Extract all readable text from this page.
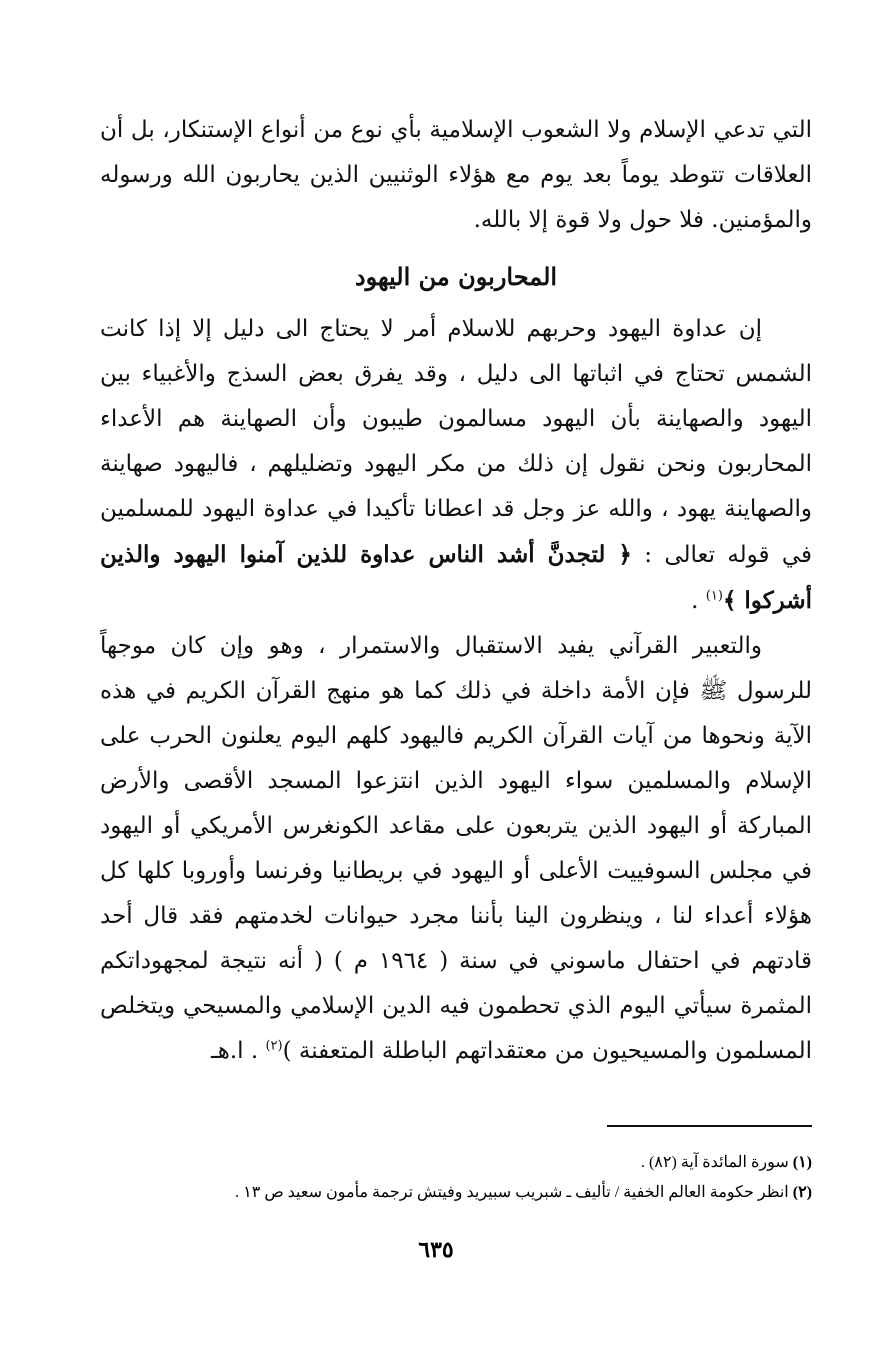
التي تدعي الإسلام ولا الشعوب الإسلامية بأي نوع من أنواع الإستنكار، بل أن العلاقات تتوطد يوماً بعد يوم مع هؤلاء الوثنيين الذين يحاربون الله ورسوله والمؤمنين. فلا حول ولا قوة إلا بالله.

المحاربون من اليهود

إن عداوة اليهود وحربهم للاسلام أمر لا يحتاج الى دليل إلا إذا كانت الشمس تحتاج في اثباتها الى دليل ، وقد يفرق بعض السذج والأغبياء بين اليهود والصهاينة بأن اليهود مسالمون طيبون وأن الصهاينة هم الأعداء المحاربون ونحن نقول إن ذلك من مكر اليهود وتضليلهم ، فاليهود صهاينة والصهاينة يهود ، والله عز وجل قد اعطانا تأكيدا في عداوة اليهود للمسلمين في قوله تعالى : ﴿ لتجدنَّ أشد الناس عداوة للذين آمنوا اليهود والذين أشركوا ﴾$^{(١)}$ .

والتعبير القرآني يفيد الاستقبال والاستمرار ، وهو وإن كان موجهاً للرسول ﷺ فإن الأمة داخلة في ذلك كما هو منهج القرآن الكريم في هذه الآية ونحوها من آيات القرآن الكريم فاليهود كلهم اليوم يعلنون الحرب على الإسلام والمسلمين سواء اليهود الذين انتزعوا المسجد الأقصى والأرض المباركة أو اليهود الذين يتربعون على مقاعد الكونغرس الأمريكي أو اليهود في مجلس السوفييت الأعلى أو اليهود في بريطانيا وفرنسا وأوروبا كلها كل هؤلاء أعداء لنا ، وينظرون الينا بأننا مجرد حيوانات لخدمتهم فقد قال أحد قادتهم في احتفال ماسوني في سنة ( ١٩٦٤ م ) ( أنه نتيجة لمجهوداتكم المثمرة سيأتي اليوم الذي تحطمون فيه الدين الإسلامي والمسيحي ويتخلص المسلمون والمسيحيون من معتقداتهم الباطلة المتعفنة )$^{(٢)}$ . ا.هـ

(١) سورة المائدة آية (٨٢) .

(٢) انظر حكومة العالم الخفية / تأليف ـ شبريب سبيريد وفيتش ترجمة مأمون سعيد ص ١٣ .

٦٣٥
